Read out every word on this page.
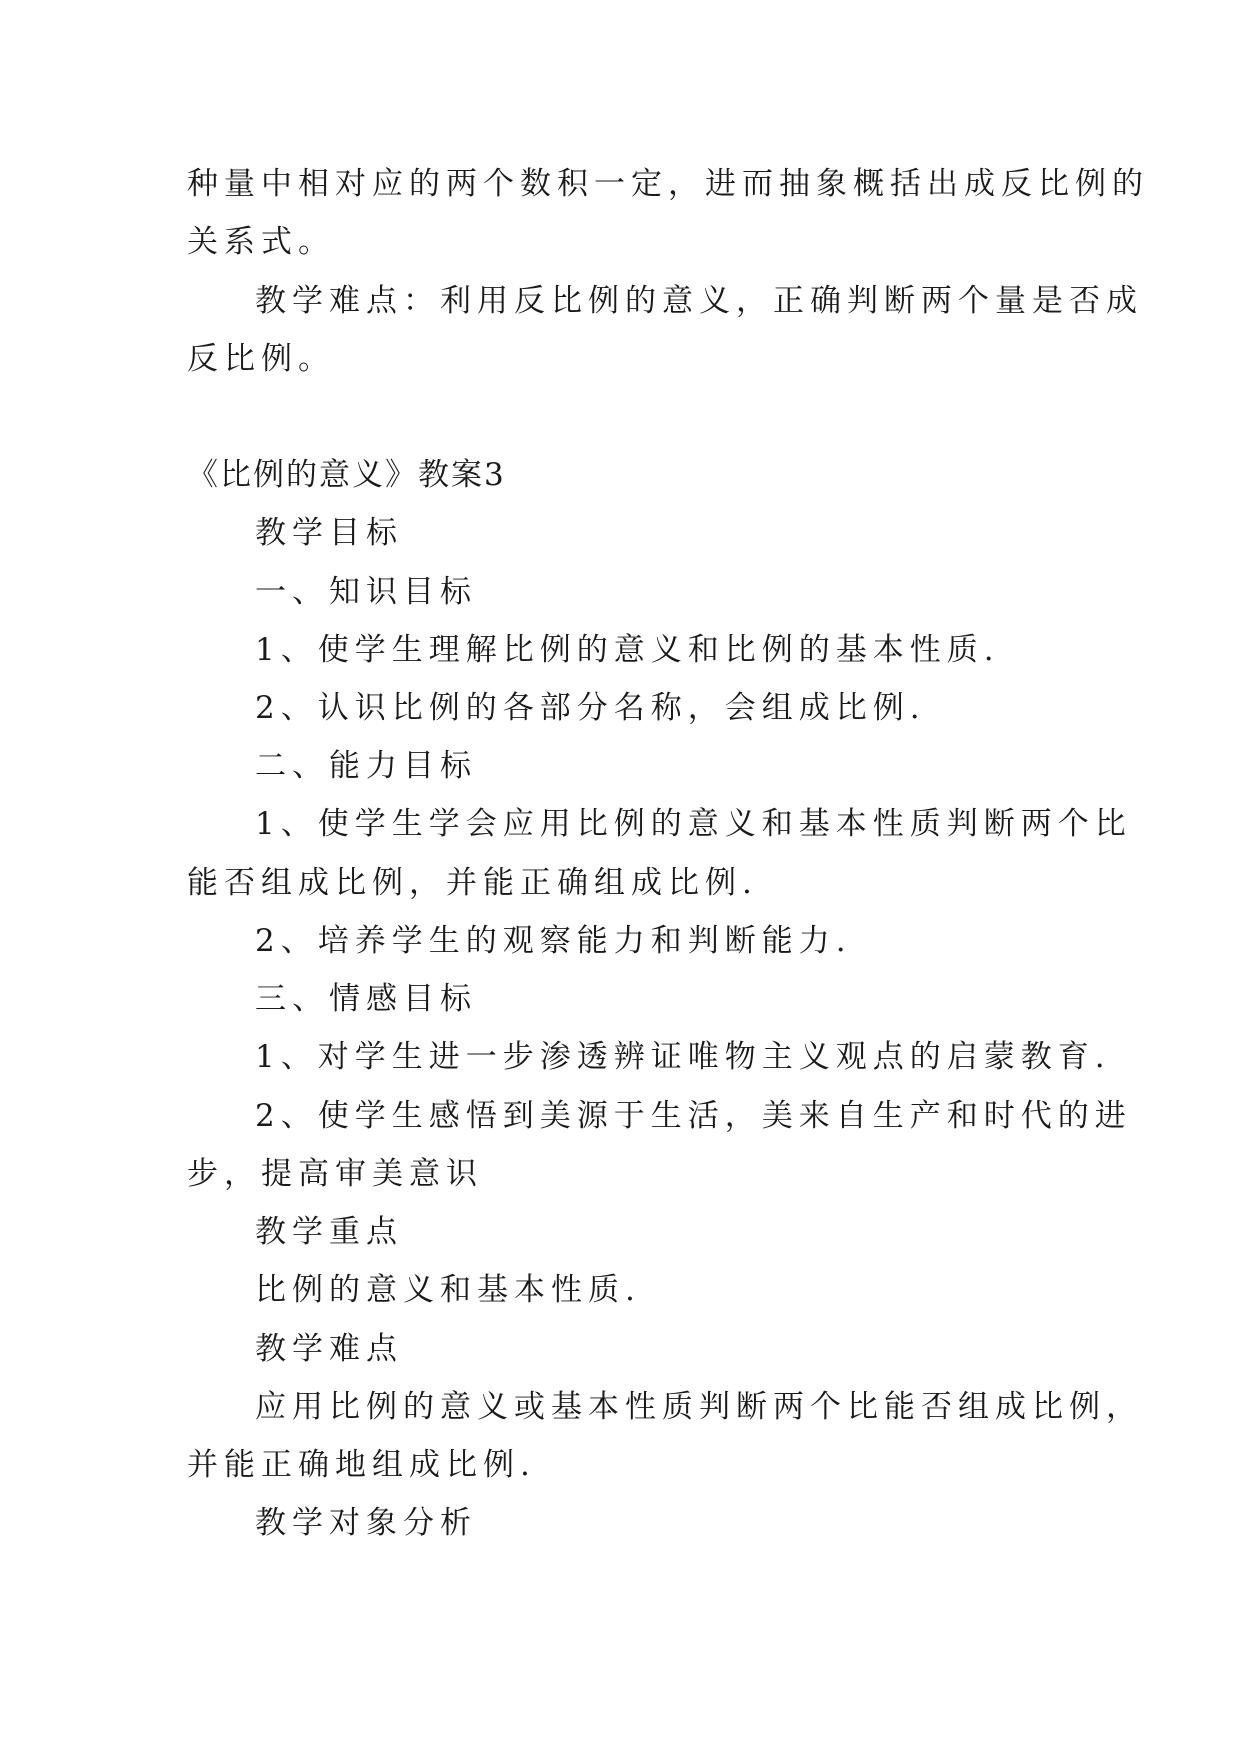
种量中相对应的两个数积一定，进而抽象概括出成反比例的
关系式。
教学难点：利用反比例的意义，正确判断两个量是否成
反比例。
《比例的意义》教案3
教学目标
一、知识目标
1、使学生理解比例的意义和比例的基本性质.
2、认识比例的各部分名称，会组成比例.
二、能力目标
1、使学生学会应用比例的意义和基本性质判断两个比
能否组成比例，并能正确组成比例.
2、培养学生的观察能力和判断能力.
三、情感目标
1、对学生进一步渗透辨证唯物主义观点的启蒙教育.
2、使学生感悟到美源于生活，美来自生产和时代的进
步，提高审美意识
教学重点
比例的意义和基本性质.
教学难点
应用比例的意义或基本性质判断两个比能否组成比例，
并能正确地组成比例.
教学对象分析
